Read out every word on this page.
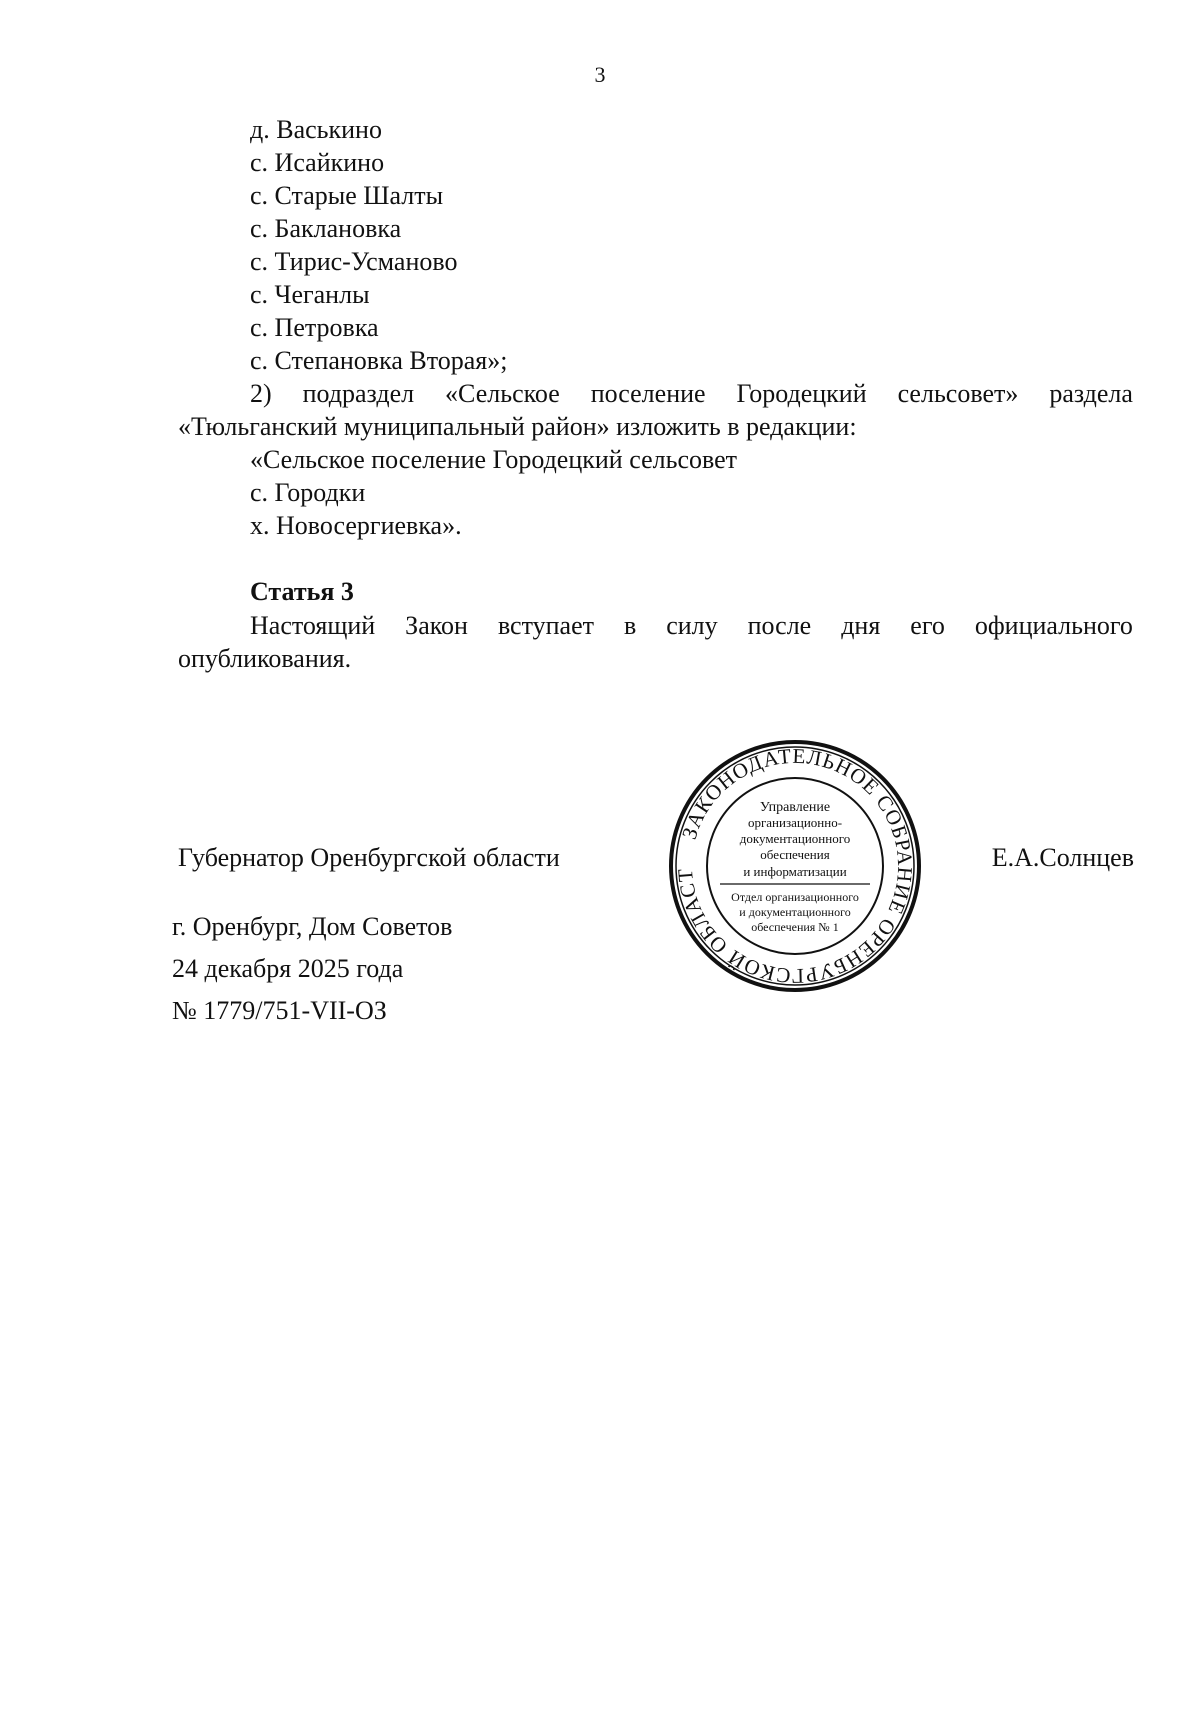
3
д. Васькино
с. Исайкино
с. Старые Шалты
с. Баклановка
с. Тирис-Усманово
с. Чеганлы
с. Петровка
с. Степановка Вторая»;
2) подраздел «Сельское поселение Городецкий сельсовет» раздела
«Тюльганский муниципальный район» изложить в редакции:
«Сельское поселение Городецкий сельсовет
с. Городки
х. Новосергиевка».
Статья 3
Настоящий Закон вступает в силу после дня его официального
опубликования.
Губернатор Оренбургской области	Е.А.Солнцев
г. Оренбург, Дом Советов
24 декабря 2025 года
№ 1779/751-VII-ОЗ
ЗАКОНОДАТЕЛЬНОЕ СОБРАНИЕ ОРЕНБУРГСКОЙ ОБЛАСТ
Управление
организационно-
документационного
обеспечения
и информатизации
Отдел организационного
и документационного
обеспечения № 1
